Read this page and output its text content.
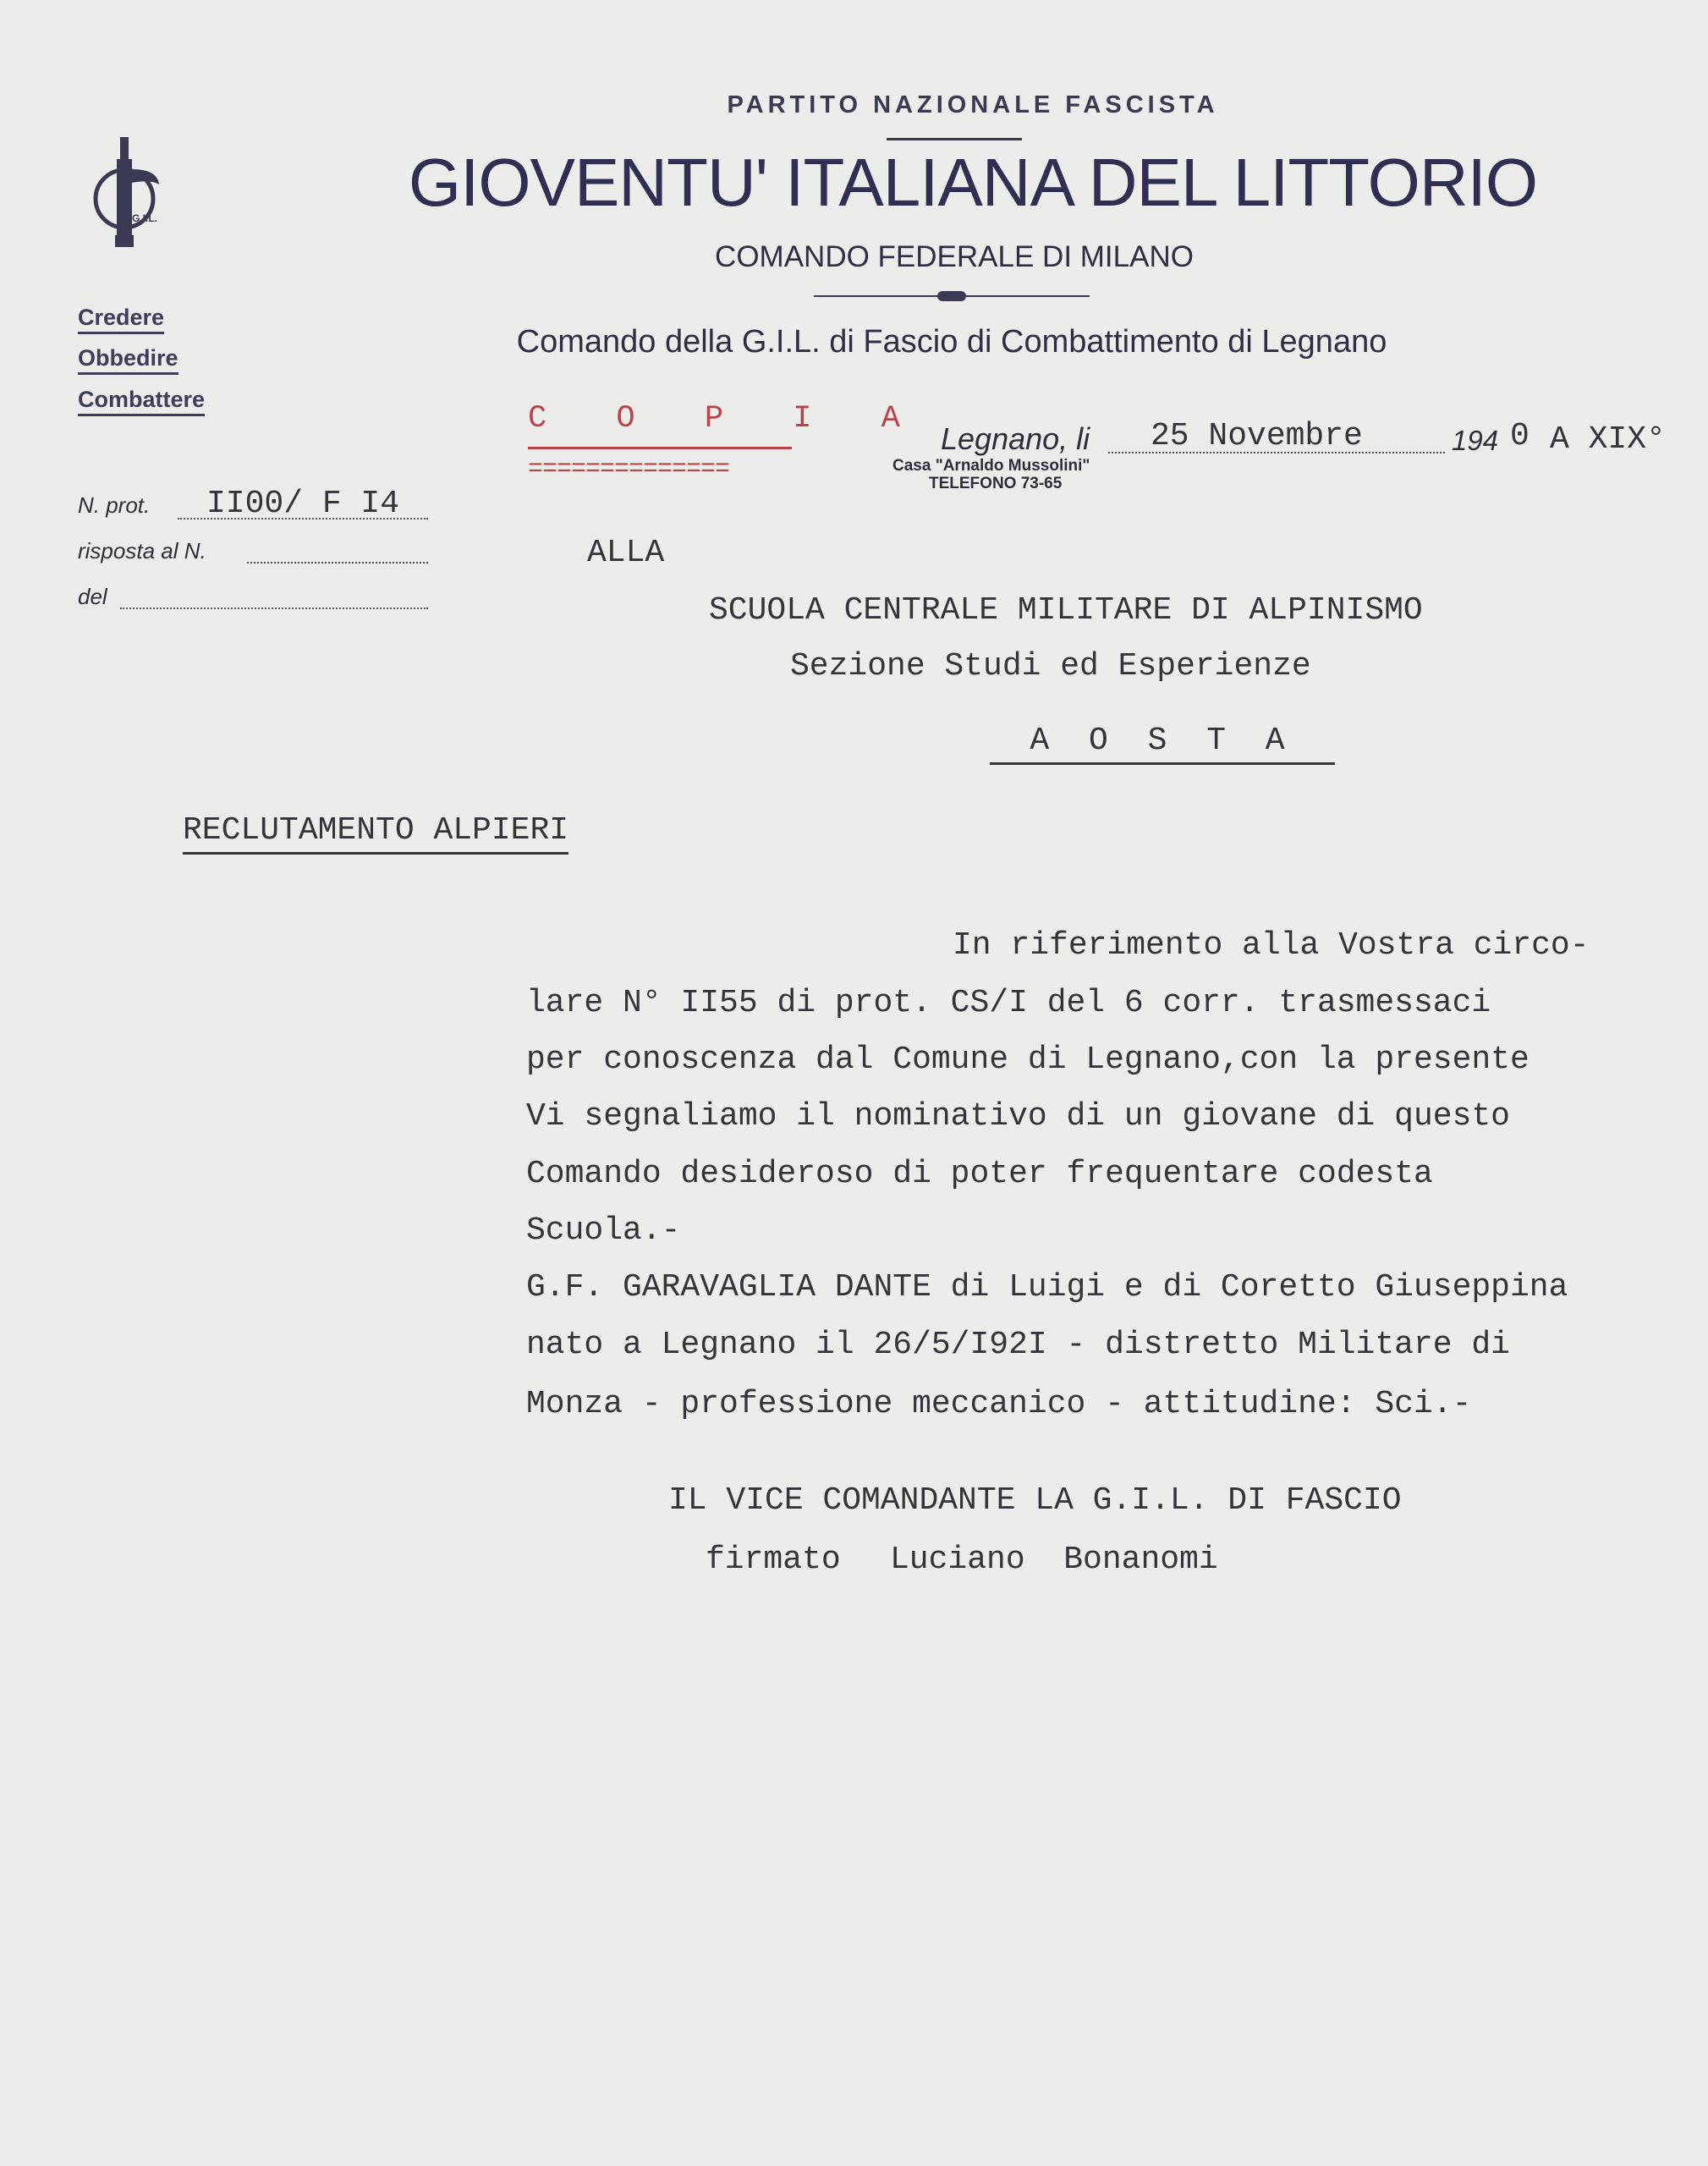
G.I.L.
PARTITO NAZIONALE FASCISTA
GIOVENTU' ITALIANA DEL LITTORIO
COMANDO FEDERALE DI MILANO
Comando della G.I.L. di Fascio di Combattimento di Legnano
Credere
Obbedire
Combattere
N. prot. II00/ F I4
risposta al N.
del
C O P I A
==============
Legnano, li 25 Novembre	194 0 A XIX°
Casa "Arnaldo Mussolini"
TELEFONO 73-65
ALLA
SCUOLA CENTRALE MILITARE DI ALPINISMO
Sezione Studi ed Esperienze
A O S T A
RECLUTAMENTO ALPIERI
In riferimento alla Vostra circo-
lare N° II55 di prot. CS/I del 6 corr. trasmessaci
per conoscenza dal Comune di Legnano,con la presente
Vi segnaliamo il nominativo di un giovane di questo
Comando desideroso di poter frequentare codesta
Scuola.-
G.F. GARAVAGLIA DANTE di Luigi e di Coretto Giuseppina
nato a Legnano il 26/5/I92I - distretto Militare di
Monza - professione meccanico - attitudine: Sci.-
IL VICE COMANDANTE LA G.I.L. DI FASCIO
firmato Luciano  Bonanomi
